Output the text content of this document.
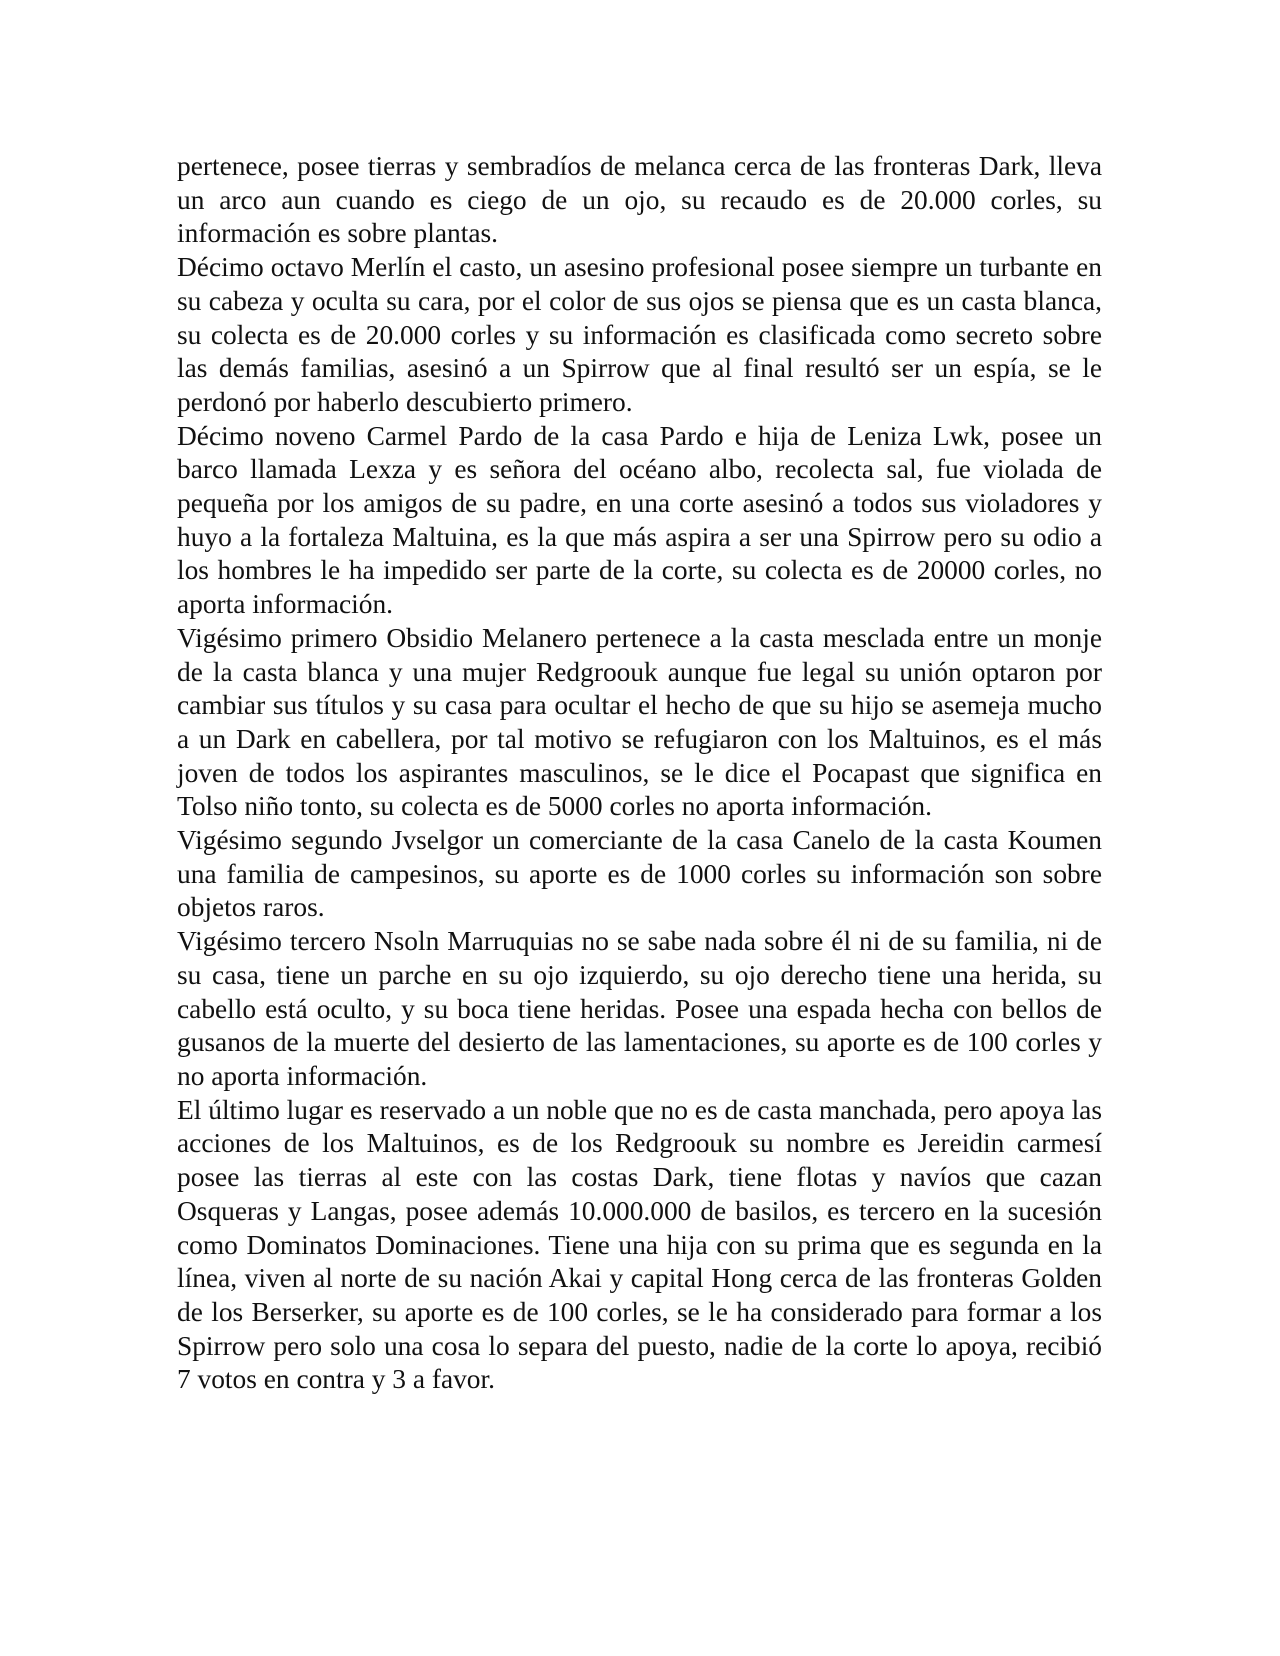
pertenece, posee tierras y sembradíos de melanca cerca de las fronteras Dark, lleva un arco aun cuando es ciego de un ojo, su recaudo es de 20.000 corles, su información es sobre plantas.

Décimo octavo Merlín el casto, un asesino profesional posee siempre un turbante en su cabeza y oculta su cara, por el color de sus ojos se piensa que es un casta blanca, su colecta es de 20.000 corles y su información es clasificada como secreto sobre las demás familias, asesinó a un Spirrow que al final resultó ser un espía, se le perdonó por haberlo descubierto primero.

Décimo noveno Carmel Pardo de la casa Pardo e hija de Leniza Lwk, posee un barco llamada Lexza y es señora del océano albo, recolecta sal, fue violada de pequeña por los amigos de su padre, en una corte asesinó a todos sus violadores y huyo a la fortaleza Maltuina, es la que más aspira a ser una Spirrow pero su odio a los hombres le ha impedido ser parte de la corte, su colecta es de 20000 corles, no aporta información.

Vigésimo primero Obsidio Melanero pertenece a la casta mesclada entre un monje de la casta blanca y una mujer Redgroouk aunque fue legal su unión optaron por cambiar sus títulos y su casa para ocultar el hecho de que su hijo se asemeja mucho a un Dark en cabellera, por tal motivo se refugiaron con los Maltuinos, es el más joven de todos los aspirantes masculinos, se le dice el Pocapast que significa en Tolso niño tonto, su colecta es de 5000 corles no aporta información.

Vigésimo segundo Jvselgor un comerciante de la casa Canelo de la casta Koumen una familia de campesinos, su aporte es de 1000 corles su información son sobre objetos raros.

Vigésimo tercero Nsoln Marruquias no se sabe nada sobre él ni de su familia, ni de su casa, tiene un parche en su ojo izquierdo, su ojo derecho tiene una herida, su cabello está oculto, y su boca tiene heridas. Posee una espada hecha con bellos de gusanos de la muerte del desierto de las lamentaciones, su aporte es de 100 corles y no aporta información.

El último lugar es reservado a un noble que no es de casta manchada, pero apoya las acciones de los Maltuinos, es de los Redgroouk su nombre es Jereidin carmesí posee las tierras al este con las costas Dark, tiene flotas y navíos que cazan Osqueras y Langas, posee además 10.000.000 de basilos, es tercero en la sucesión como Dominatos Dominaciones. Tiene una hija con su prima que es segunda en la línea, viven al norte de su nación Akai y capital Hong cerca de las fronteras Golden de los Berserker, su aporte es de 100 corles, se le ha considerado para formar a los Spirrow pero solo una cosa lo separa del puesto, nadie de la corte lo apoya, recibió 7 votos en contra y 3 a favor.
